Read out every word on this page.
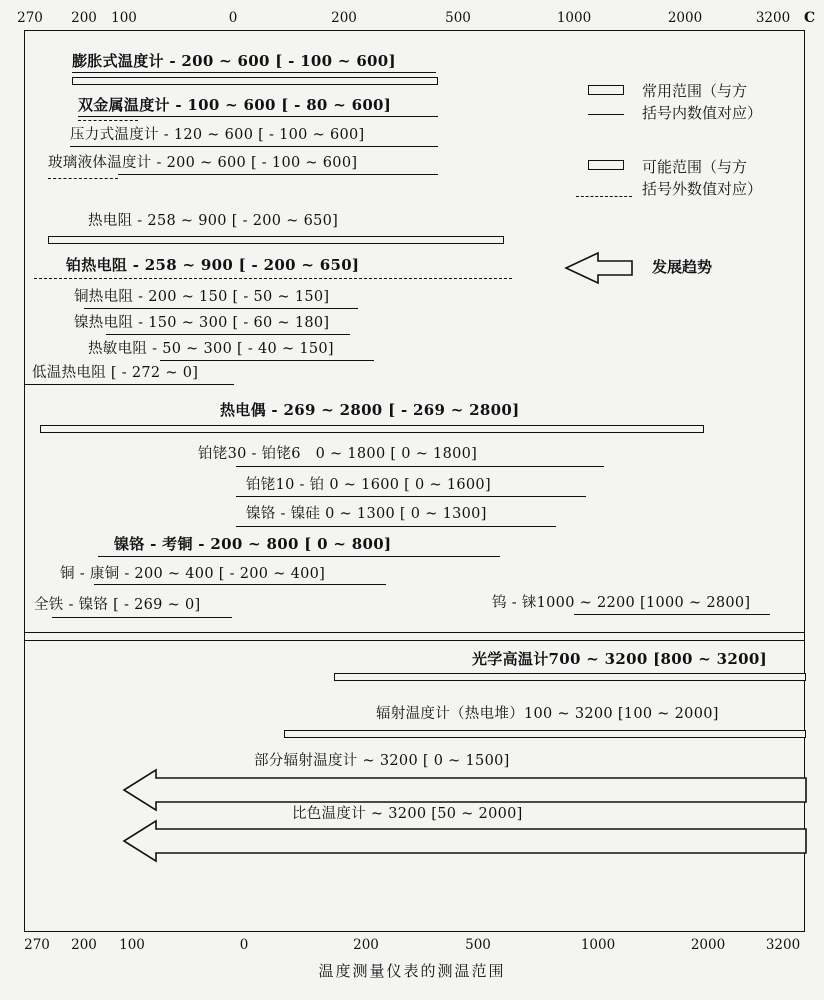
270 200 100	0	200	500	1000	2000	3200 C
膨胀式温度计 - 200 ~ 600 [ - 100 ~ 600]
双金属温度计 - 100 ~ 600 [ - 80 ~ 600]
压力式温度计 - 120 ~ 600 [ - 100 ~ 600]
玻璃液体温度计 - 200 ~ 600 [ - 100 ~ 600]
热电阻 - 258 ~ 900 [ - 200 ~ 650]
铂热电阻 - 258 ~ 900 [ - 200 ~ 650]
铜热电阻 - 200 ~ 150 [ - 50 ~ 150]
镍热电阻 - 150 ~ 300 [ - 60 ~ 180]
热敏电阻 - 50 ~ 300 [ - 40 ~ 150]
低温热电阻 [ - 272 ~ 0]
热电偶 - 269 ~ 2800 [ - 269 ~ 2800]
铂铑30 - 铂铑6　0 ~ 1800 [ 0 ~ 1800]
铂铑10 - 铂 0 ~ 1600 [ 0 ~ 1600]
镍铬 - 镍硅 0 ~ 1300 [ 0 ~ 1300]
镍铬 - 考铜 - 200 ~ 800 [ 0 ~ 800]
铜 - 康铜 - 200 ~ 400 [ - 200 ~ 400]
全铁 - 镍铬 [ - 269 ~ 0]	钨 - 铼1000 ~ 2200 [1000 ~ 2800]
光学高温计700 ~ 3200 [800 ~ 3200]
辐射温度计（热电堆）100 ~ 3200 [100 ~ 2000]
部分辐射温度计 ~ 3200 [ 0 ~ 1500]
比色温度计 ~ 3200 [50 ~ 2000]
常用范围（与方
括号内数值对应）
可能范围（与方
括号外数值对应）
发展趋势
270 200 100	0	200	500	1000	2000	3200
温度测量仪表的测温范围
